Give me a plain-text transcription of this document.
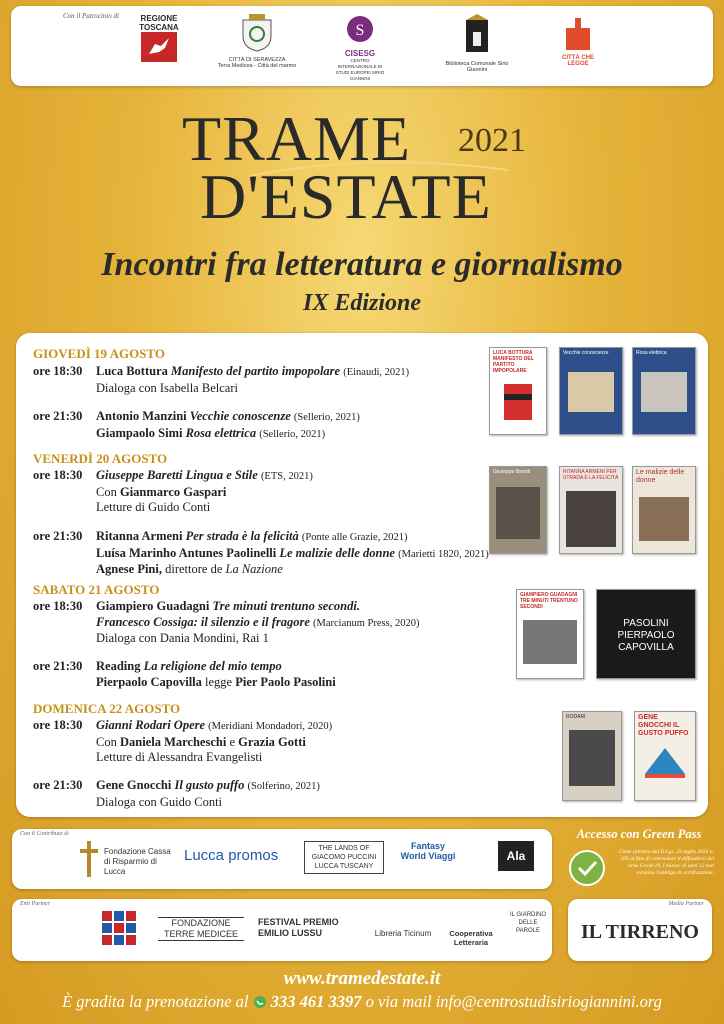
Con il Patrocinio di	REGIONE TOSCANA
CITTÀ DI SERAVEZZA
Terra Medicea - Città del marmo
S
CISESG
CENTRO INTERNAZIONALE DI STUDI EUROPEI SIRIO GIANNINI
Biblioteca Comunale Sirio Giannini
CITTÀ CHE LEGGE
TRAME 2021
D'ESTATE
Incontri fra letteratura e giornalismo
IX Edizione
GIOVEDÌ 19 AGOSTO
ore 18:30 Luca Bottura Manifesto del partito impopolare (Einaudi, 2021)
Dialoga con Isabella Belcari
ore 21:30 Antonio Manzini Vecchie conoscenze (Sellerio, 2021)
Giampaolo Simi Rosa elettrica (Sellerio, 2021)
VENERDÌ 20 AGOSTO
ore 18:30 Giuseppe Baretti Lingua e Stile (ETS, 2021)
Con Gianmarco Gaspari
Letture di Guido Conti
ore 21:30 Ritanna Armeni Per strada è la felicità (Ponte alle Grazie, 2021)
Luísa Marinho Antunes Paolinelli Le malizie delle donne (Marietti 1820, 2021)
Agnese Pini, direttore de La Nazione
SABATO 21 AGOSTO
ore 18:30 Giampiero Guadagni Tre minuti trentuno secondi.
Francesco Cossiga: il silenzio e il fragore (Marcianum Press, 2020)
Dialoga con Dania Mondini, Rai 1
ore 21:30 Reading La religione del mio tempo
Pierpaolo Capovilla legge Pier Paolo Pasolini
DOMENICA 22 AGOSTO
ore 18:30 Gianni Rodari Opere (Meridiani Mondadori, 2020)
Con Daniela Marcheschi e Grazia Gotti
Letture di Alessandra Evangelisti
ore 21:30 Gene Gnocchi Il gusto puffo (Solferino, 2021)
Dialoga con Guido Conti
LUCA BOTTURA MANIFESTO DEL PARTITO IMPOPOLARE
Vecchie conoscenze	Rosa elettrica
Giuseppe Baretti	RITANNA ARMENI PER STRADA È LA FELICITÀ
Le malizie delle donne
GIAMPIERO GUADAGNI TRE MINUTI TRENTUNO SECONDI
PASOLINI PIERPAOLO CAPOVILLA
RODARI	GENE GNOCCHI IL GUSTO PUFFO
Con il Contributo di
Fondazione Cassa di Risparmio di Lucca
Lucca promos	THE LANDS OF GIACOMO PUCCINI LUCCA TUSCANY
Fantasy World Viaggi	Ala
Accesso con Green Pass
Come previsto dal D.Lgs. 23 luglio 2021 n. 105 al fine di contrastare il diffondersi del virus Covid-19. I minori di anni 12 non avranno l'obbligo di certificazione.
Enti Partner
FONDAZIONE TERRE MEDICEE
FESTIVAL PREMIO EMILIO LUSSU	Libreria Ticinum	Cooperativa Letteraria
IL GIARDINO DELLE PAROLE
Media Partner
IL TIRRENO
www.tramedestate.it
È gradita la prenotazione al 333 461 3397 o via mail info@centrostudisiriogiannini.org
